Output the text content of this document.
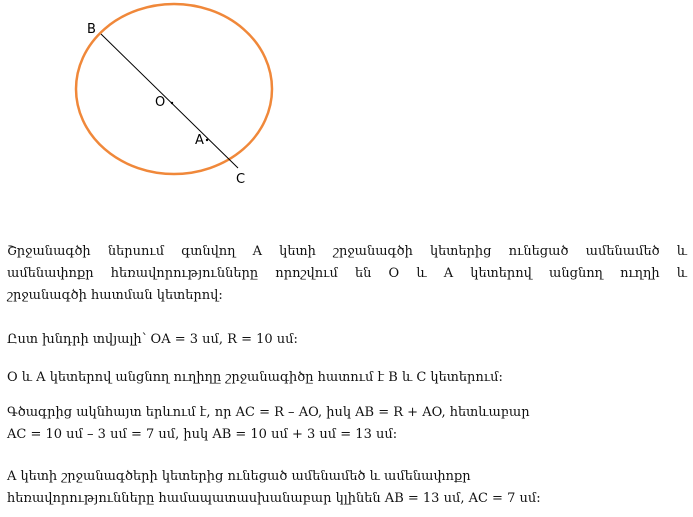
B
O
A
C
Շրջանագծի ներսում գտնվող A կետի շրջանագծի կետերից ունեցած ամենամեծ և
ամենափոքր հեռավորությունները որոշվում են O և A կետերով անցնող ուղղի և
շրջանագծի հատման կետերով:
Ըստ խնդրի տվյալի՝ OA = 3 սմ, R = 10 սմ:
O և A կետերով անցնող ուղիղը շրջանագիծը հատում է B և C կետերում:
Գծագրից ակնհայտ երևում է, որ AC = R – AO, իսկ AB = R + AO, հետևաբար
AC = 10 սմ – 3 սմ = 7 սմ, իսկ AB = 10 սմ + 3 սմ = 13 սմ:
A կետի շրջանագծերի կետերից ունեցած ամենամեծ և ամենափոքր
հեռավորությունները համապատասխանաբար կլինեն AB = 13 սմ, AC = 7 սմ:
